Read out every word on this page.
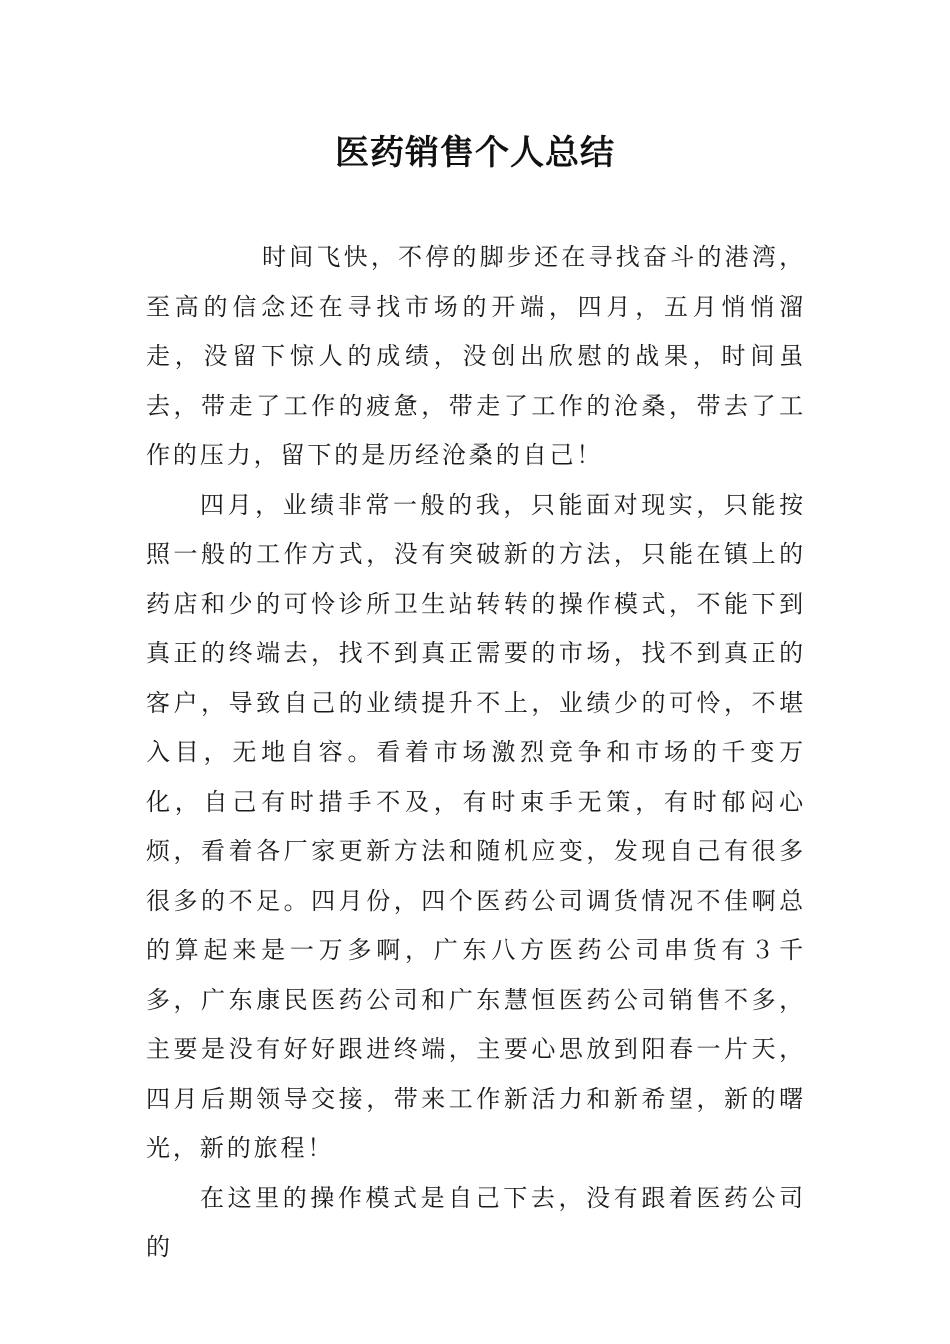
医药销售个人总结

时间飞快，不停的脚步还在寻找奋斗的港湾，至高的信念还在寻找市场的开端，四月，五月悄悄溜走，没留下惊人的成绩，没创出欣慰的战果，时间虽去，带走了工作的疲惫，带走了工作的沧桑，带去了工作的压力，留下的是历经沧桑的自己！

四月，业绩非常一般的我，只能面对现实，只能按照一般的工作方式，没有突破新的方法，只能在镇上的药店和少的可怜诊所卫生站转转的操作模式，不能下到真正的终端去，找不到真正需要的市场，找不到真正的客户，导致自己的业绩提升不上，业绩少的可怜，不堪入目，无地自容。看着市场激烈竞争和市场的千变万化，自己有时措手不及，有时束手无策，有时郁闷心烦，看着各厂家更新方法和随机应变，发现自己有很多很多的不足。四月份，四个医药公司调货情况不佳啊总的算起来是一万多啊，广东八方医药公司串货有３千多，广东康民医药公司和广东慧恒医药公司销售不多，主要是没有好好跟进终端，主要心思放到阳春一片天，四月后期领导交接，带来工作新活力和新希望，新的曙光，新的旅程！

在这里的操作模式是自己下去，没有跟着医药公司的
